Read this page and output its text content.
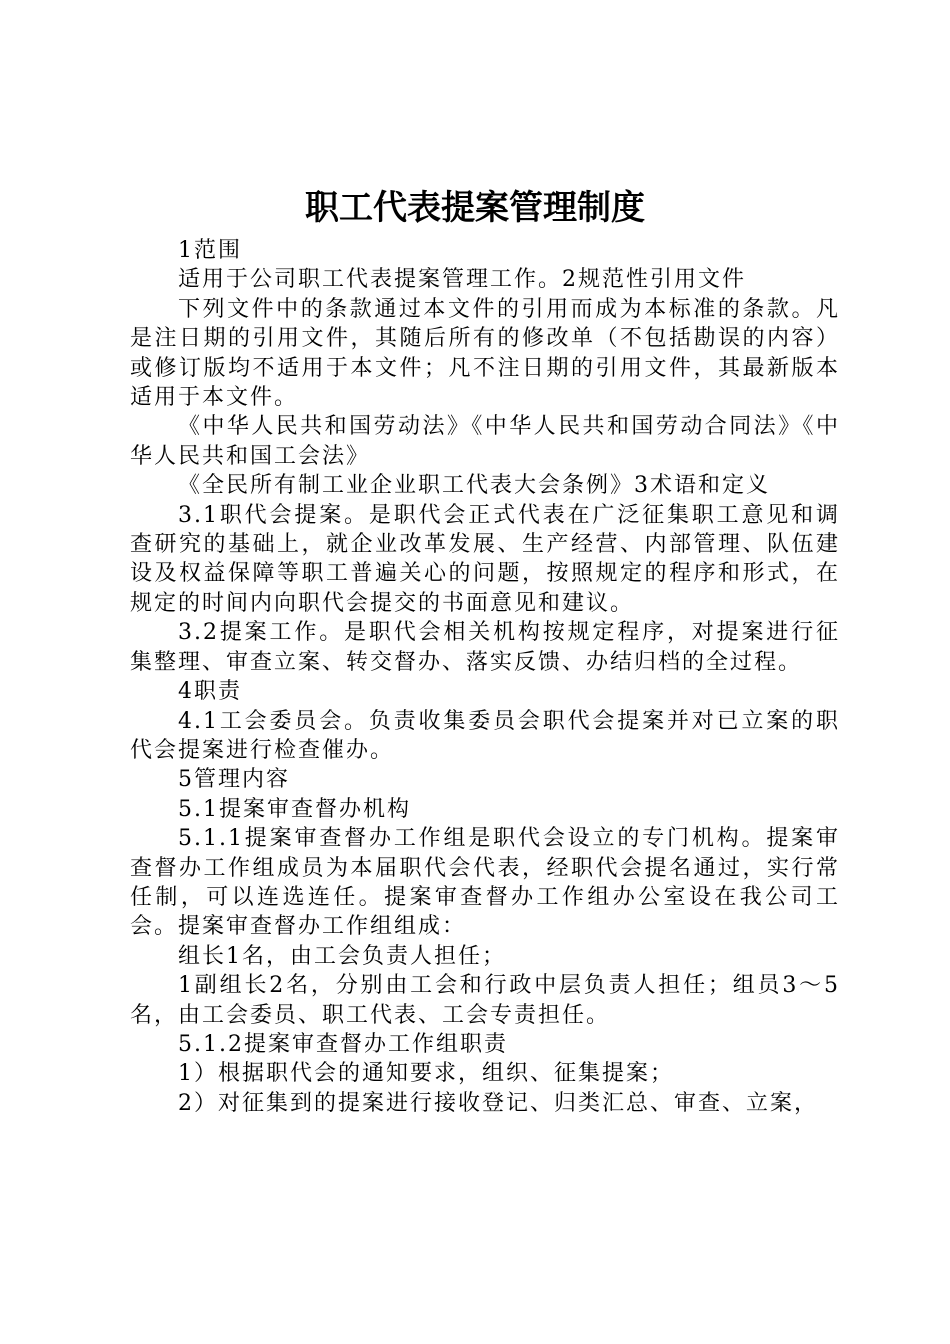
职工代表提案管理制度

1范围

适用于公司职工代表提案管理工作。2规范性引用文件

下列文件中的条款通过本文件的引用而成为本标准的条款。凡是注日期的引用文件，其随后所有的修改单（不包括勘误的内容）或修订版均不适用于本文件；凡不注日期的引用文件，其最新版本适用于本文件。

《中华人民共和国劳动法》《中华人民共和国劳动合同法》《中华人民共和国工会法》

《全民所有制工业企业职工代表大会条例》3术语和定义

3.1职代会提案。是职代会正式代表在广泛征集职工意见和调查研究的基础上，就企业改革发展、生产经营、内部管理、队伍建设及权益保障等职工普遍关心的问题，按照规定的程序和形式，在规定的时间内向职代会提交的书面意见和建议。

3.2提案工作。是职代会相关机构按规定程序，对提案进行征集整理、审查立案、转交督办、落实反馈、办结归档的全过程。

4职责

4.1工会委员会。负责收集委员会职代会提案并对已立案的职代会提案进行检查催办。

5管理内容

5.1提案审查督办机构

5.1.1提案审查督办工作组是职代会设立的专门机构。提案审查督办工作组成员为本届职代会代表，经职代会提名通过，实行常任制，可以连选连任。提案审查督办工作组办公室设在我公司工会。提案审查督办工作组组成：

组长1名，由工会负责人担任；

1副组长2名，分别由工会和行政中层负责人担任；组员3～5名，由工会委员、职工代表、工会专责担任。

5.1.2提案审查督办工作组职责

1）根据职代会的通知要求，组织、征集提案；

2）对征集到的提案进行接收登记、归类汇总、审查、立案，
